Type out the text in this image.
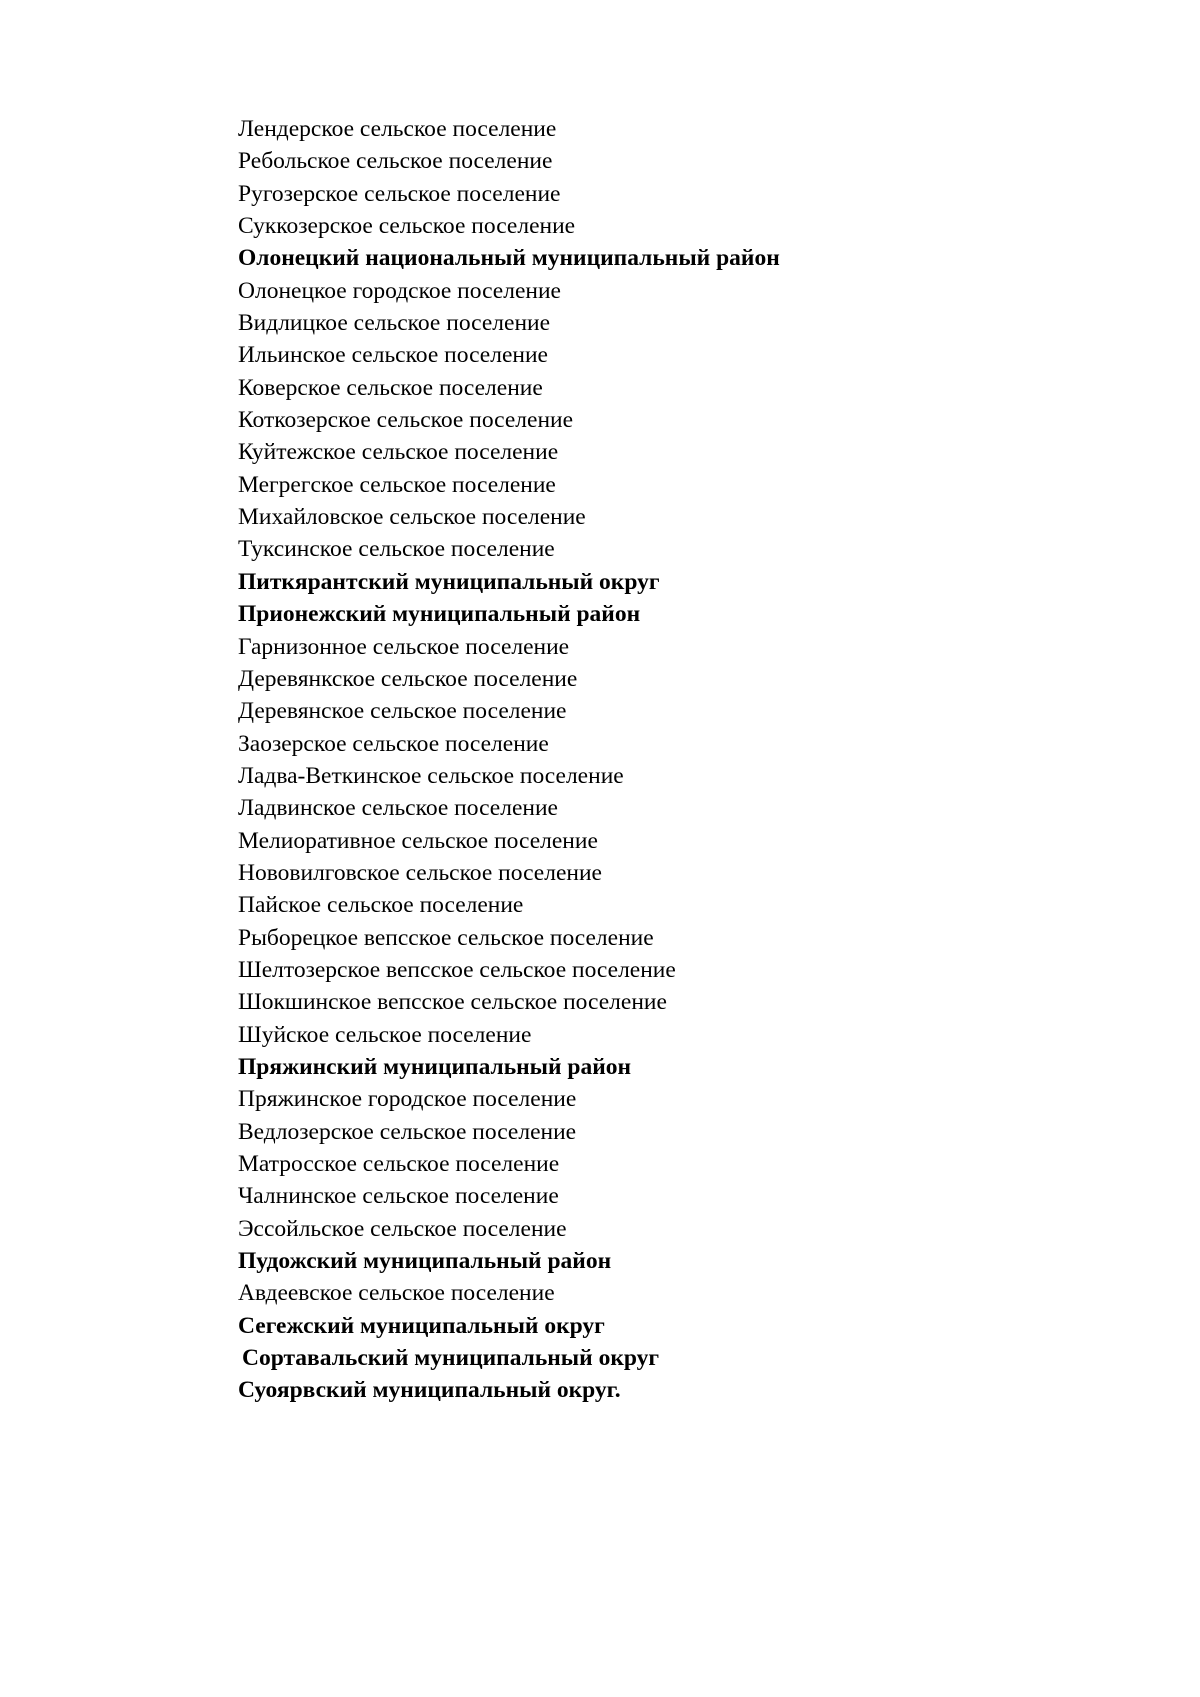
Лендерское сельское поселение
Ребольское сельское поселение
Ругозерское сельское поселение
Суккозерское сельское поселение
Олонецкий национальный муниципальный район
Олонецкое городское поселение
Видлицкое сельское поселение
Ильинское сельское поселение
Коверское сельское поселение
Коткозерское сельское поселение
Куйтежское сельское поселение
Мегрегское сельское поселение
Михайловское сельское поселение
Туксинское сельское поселение
Питкярантский муниципальный округ
Прионежский муниципальный район
Гарнизонное сельское поселение
Деревянкское сельское поселение
Деревянское сельское поселение
Заозерское сельское поселение
Ладва-Веткинское сельское поселение
Ладвинское сельское поселение
Мелиоративное сельское поселение
Нововилговское сельское поселение
Пайское сельское поселение
Рыборецкое вепсское сельское поселение
Шелтозерское вепсское сельское поселение
Шокшинское вепсское сельское поселение
Шуйское сельское поселение
Пряжинский муниципальный район
Пряжинское городское поселение
Ведлозерское сельское поселение
Матросское сельское поселение
Чалнинское сельское поселение
Эссойльское сельское поселение
Пудожский муниципальный район
Авдеевское сельское поселение
Сегежский муниципальный округ
Сортавальский муниципальный округ
Суоярвский муниципальный округ.
